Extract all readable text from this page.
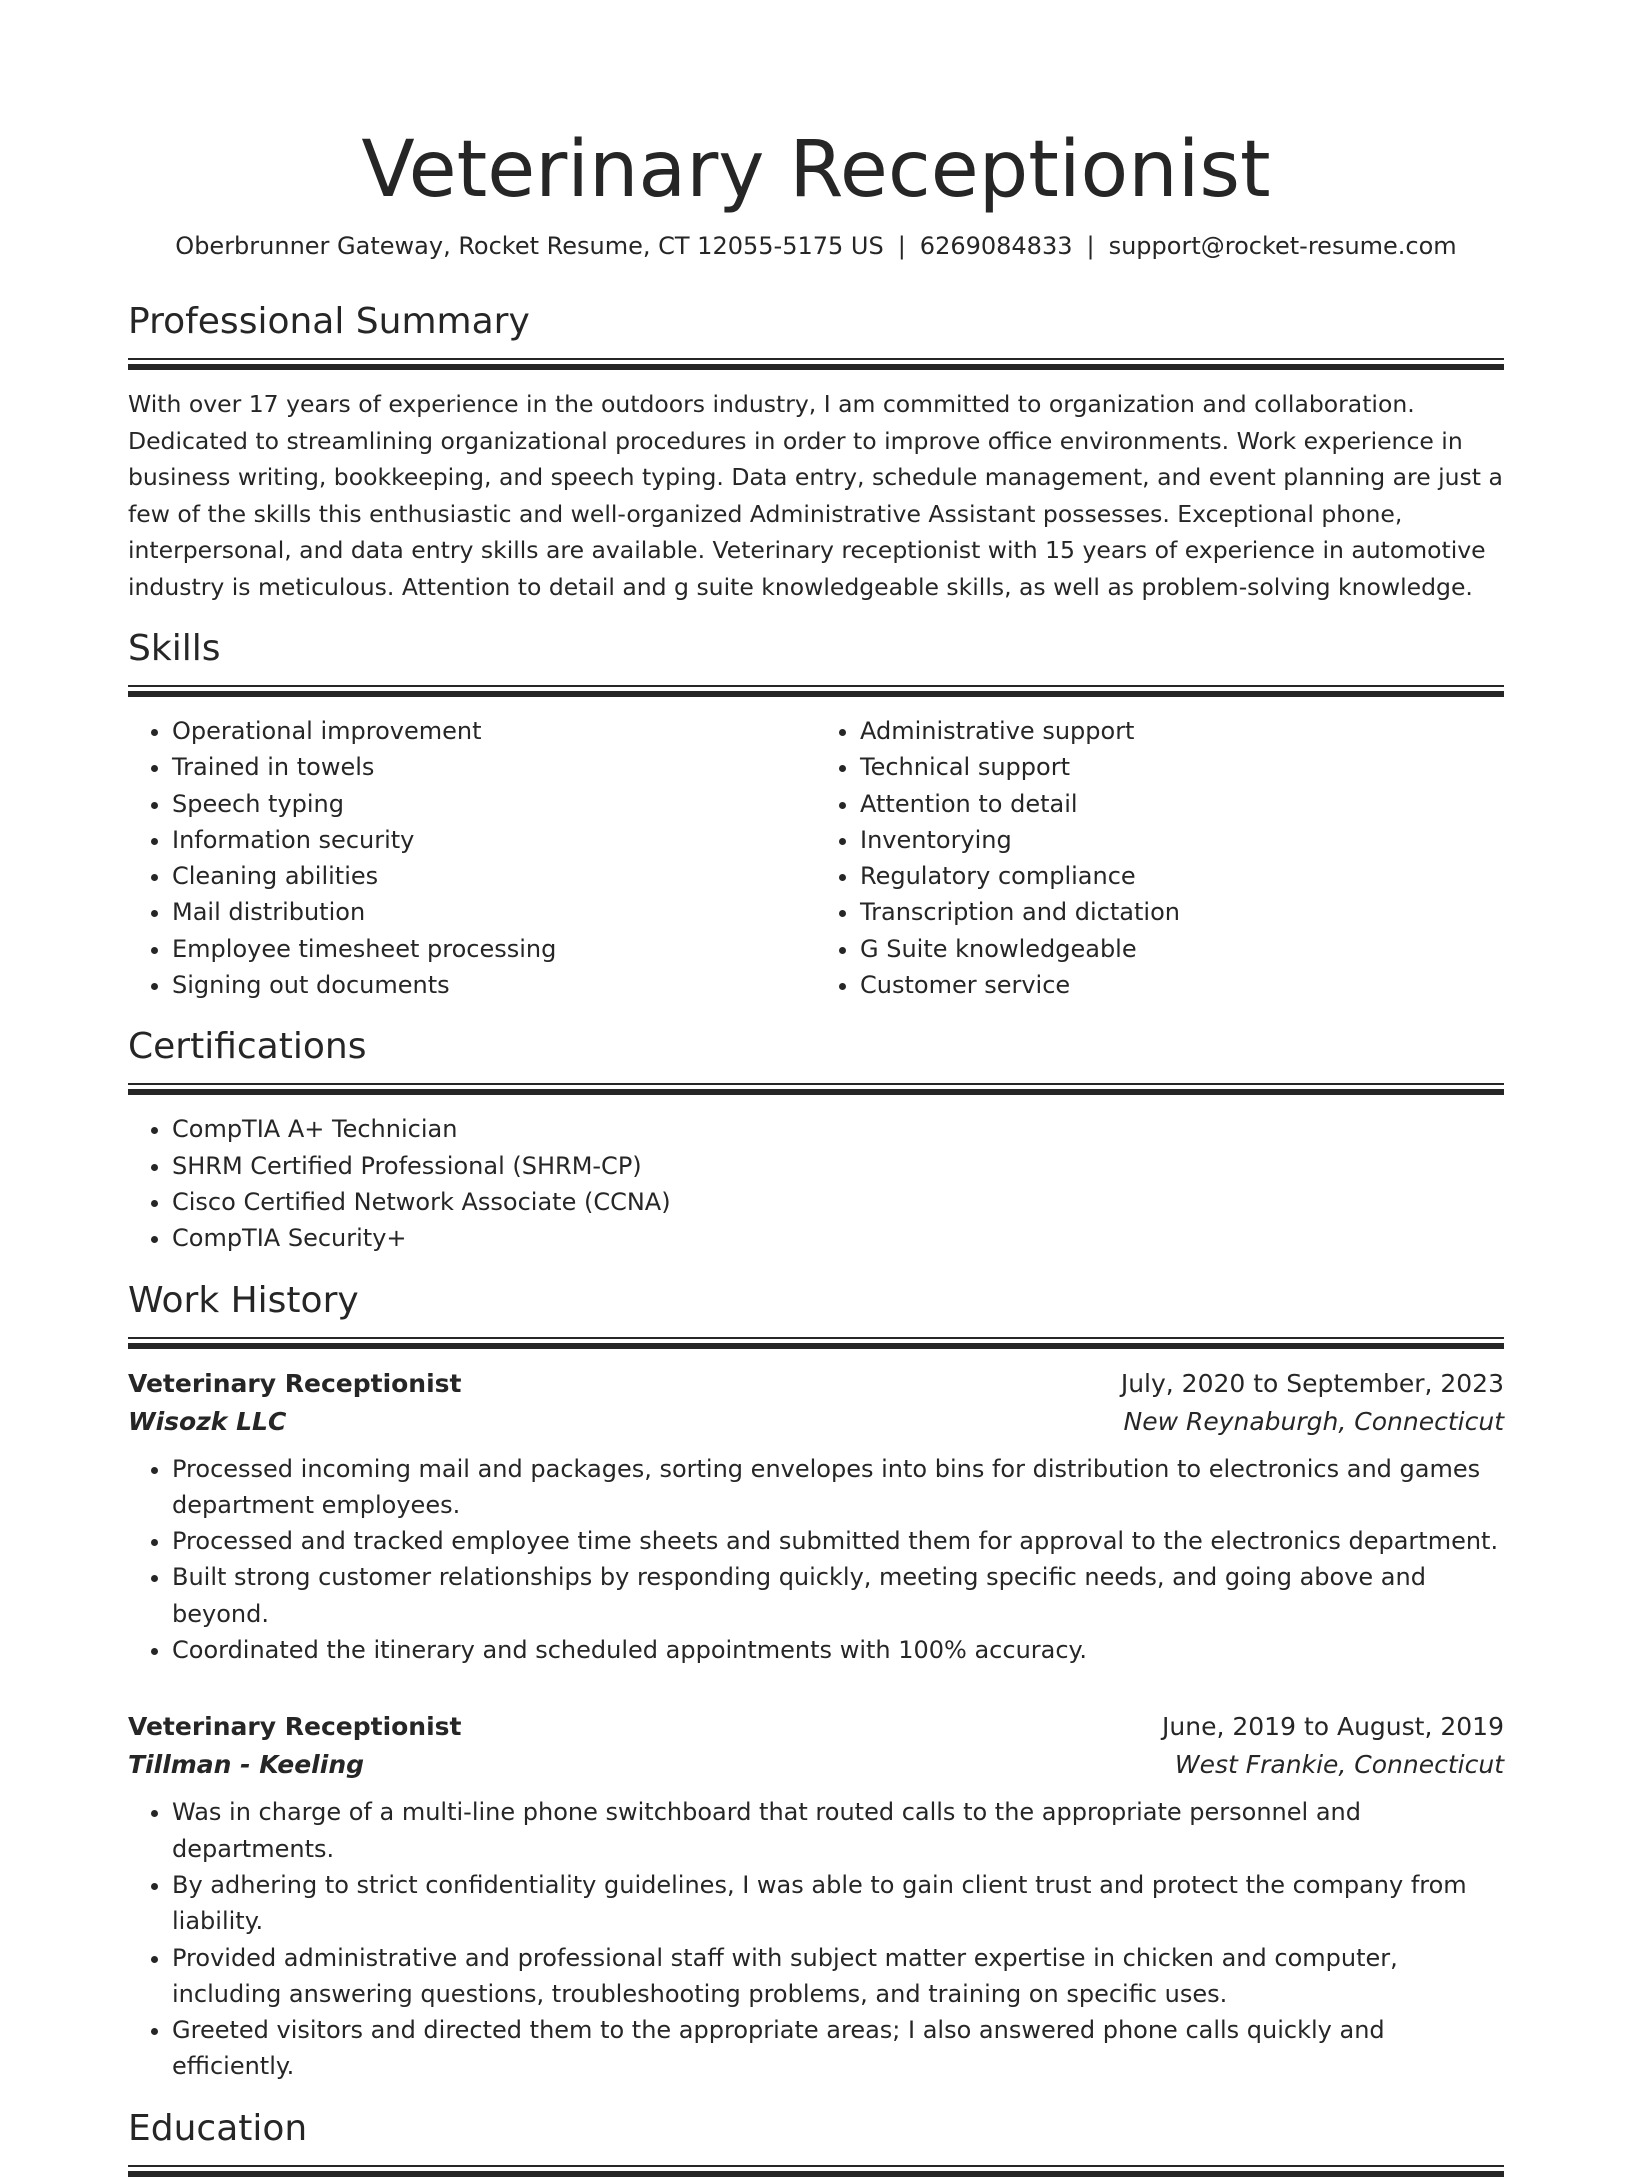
Veterinary Receptionist
Oberbrunner Gateway, Rocket Resume, CT 12055-5175 US | 6269084833 | support@rocket-resume.com
Professional Summary
With over 17 years of experience in the outdoors industry, I am committed to organization and collaboration. Dedicated to streamlining organizational procedures in order to improve office environments. Work experience in business writing, bookkeeping, and speech typing. Data entry, schedule management, and event planning are just a few of the skills this enthusiastic and well-organized Administrative Assistant possesses. Exceptional phone, interpersonal, and data entry skills are available. Veterinary receptionist with 15 years of experience in automotive industry is meticulous. Attention to detail and g suite knowledgeable skills, as well as problem-solving knowledge.
Skills
• Operational improvement
• Trained in towels
• Speech typing
• Information security
• Cleaning abilities
• Mail distribution
• Employee timesheet processing
• Signing out documents
• Administrative support
• Technical support
• Attention to detail
• Inventorying
• Regulatory compliance
• Transcription and dictation
• G Suite knowledgeable
• Customer service
Certifications
• CompTIA A+ Technician
• SHRM Certified Professional (SHRM-CP)
• Cisco Certified Network Associate (CCNA)
• CompTIA Security+
Work History
Veterinary Receptionist	July, 2020 to September, 2023
Wisozk LLC	New Reynaburgh, Connecticut
• Processed incoming mail and packages, sorting envelopes into bins for distribution to electronics and games department employees.
• Processed and tracked employee time sheets and submitted them for approval to the electronics department.
• Built strong customer relationships by responding quickly, meeting specific needs, and going above and beyond.
• Coordinated the itinerary and scheduled appointments with 100% accuracy.
Veterinary Receptionist	June, 2019 to August, 2019
Tillman - Keeling	West Frankie, Connecticut
• Was in charge of a multi-line phone switchboard that routed calls to the appropriate personnel and departments.
• By adhering to strict confidentiality guidelines, I was able to gain client trust and protect the company from liability.
• Provided administrative and professional staff with subject matter expertise in chicken and computer, including answering questions, troubleshooting problems, and training on specific uses.
• Greeted visitors and directed them to the appropriate areas; I also answered phone calls quickly and efficiently.
Education
